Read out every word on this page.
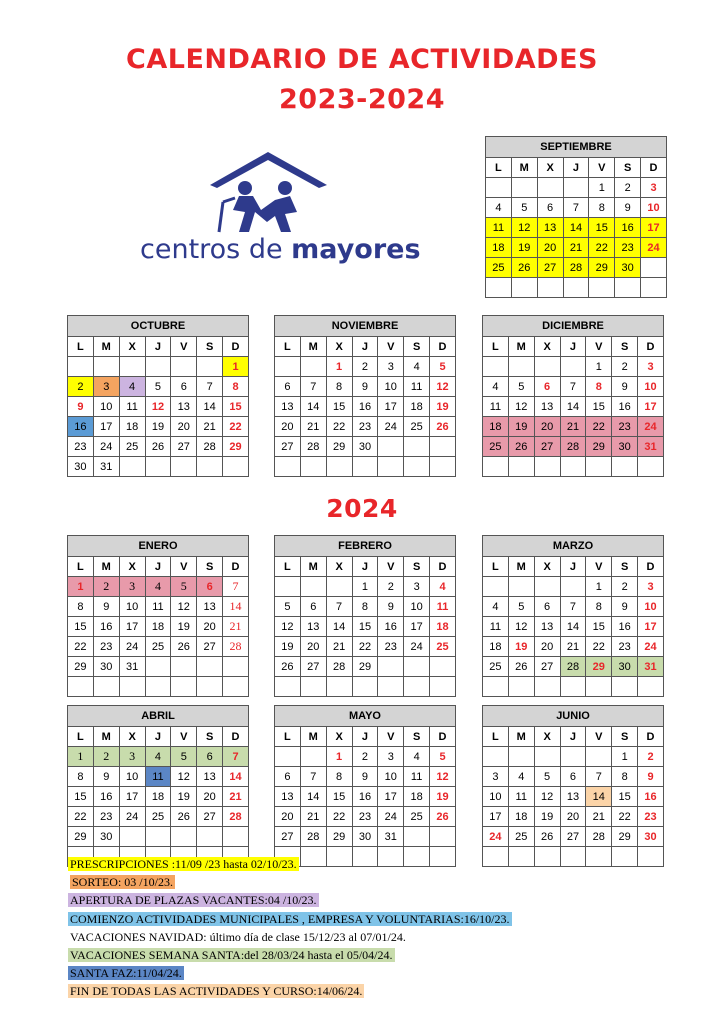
CALENDARIO DE ACTIVIDADES
2023-2024
2024
centros de mayores
SEPTIEMBRE						
L	M	X	J	V	S	D
				1	2	3
4	5	6	7	8	9	10
11	12	13	14	15	16	17
18	19	20	21	22	23	24
25	26	27	28	29	30	

OCTUBRE						
L	M	X	J	V	S	D
						1
2	3	4	5	6	7	8
9	10	11	12	13	14	15
16	17	18	19	20	21	22
23	24	25	26	27	28	29
30	31					
NOVIEMBRE						
L	M	X	J	V	S	D
		1	2	3	4	5
6	7	8	9	10	11	12
13	14	15	16	17	18	19
20	21	22	23	24	25	26
27	28	29	30			

DICIEMBRE						
L	M	X	J	V	S	D
				1	2	3
4	5	6	7	8	9	10
11	12	13	14	15	16	17
18	19	20	21	22	23	24
25	26	27	28	29	30	31

ENERO						
L	M	X	J	V	S	D
1	2	3	4	5	6	7
8	9	10	11	12	13	14
15	16	17	18	19	20	21
22	23	24	25	26	27	28
29	30	31				

FEBRERO						
L	M	X	J	V	S	D
			1	2	3	4
5	6	7	8	9	10	11
12	13	14	15	16	17	18
19	20	21	22	23	24	25
26	27	28	29			

MARZO						
L	M	X	J	V	S	D
				1	2	3
4	5	6	7	8	9	10
11	12	13	14	15	16	17
18	19	20	21	22	23	24
25	26	27	28	29	30	31

ABRIL						
L	M	X	J	V	S	D
1	2	3	4	5	6	7
8	9	10	11	12	13	14
15	16	17	18	19	20	21
22	23	24	25	26	27	28
29	30					

MAYO						
L	M	X	J	V	S	D
		1	2	3	4	5
6	7	8	9	10	11	12
13	14	15	16	17	18	19
20	21	22	23	24	25	26
27	28	29	30	31		

JUNIO						
L	M	X	J	V	S	D
					1	2
3	4	5	6	7	8	9
10	11	12	13	14	15	16
17	18	19	20	21	22	23
24	25	26	27	28	29	30

PRESCRIPCIONES :11/09 /23 hasta 02/10/23.
SORTEO: 03 /10/23.
APERTURA DE PLAZAS VACANTES:04 /10/23.
COMIENZO ACTIVIDADES MUNICIPALES , EMPRESA Y VOLUNTARIAS:16/10/23.
VACACIONES NAVIDAD: último día de clase 15/12/23 al 07/01/24.
VACACIONES SEMANA SANTA:del 28/03/24 hasta el 05/04/24.
SANTA FAZ:11/04/24.
FIN DE TODAS LAS ACTIVIDADES Y CURSO:14/06/24.
